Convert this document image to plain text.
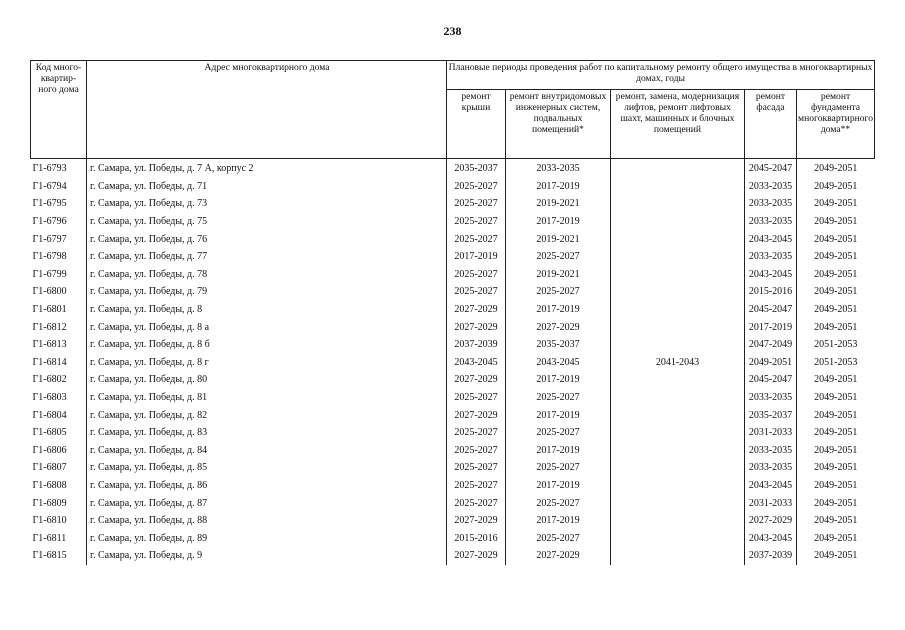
238
Код много-квартир-ного дома	Адрес многоквартирного дома	Плановые периоды проведения работ по капитальному ремонту общего имущества в многоквартирных домах, годы				
		ремонт крыши	ремонт внутридомовых инженерных систем, подвальных помещений*	ремонт, замена, модернизация лифтов, ремонт лифтовых шахт, машинных и блочных помещений	ремонт фасада	ремонт фундамента многоквартирного дома**
Г1-6793	г. Самара, ул. Победы, д. 7 А, корпус 2	2035-2037	2033-2035		2045-2047	2049-2051
Г1-6794	г. Самара, ул. Победы, д. 71	2025-2027	2017-2019		2033-2035	2049-2051
Г1-6795	г. Самара, ул. Победы, д. 73	2025-2027	2019-2021		2033-2035	2049-2051
Г1-6796	г. Самара, ул. Победы, д. 75	2025-2027	2017-2019		2033-2035	2049-2051
Г1-6797	г. Самара, ул. Победы, д. 76	2025-2027	2019-2021		2043-2045	2049-2051
Г1-6798	г. Самара, ул. Победы, д. 77	2017-2019	2025-2027		2033-2035	2049-2051
Г1-6799	г. Самара, ул. Победы, д. 78	2025-2027	2019-2021		2043-2045	2049-2051
Г1-6800	г. Самара, ул. Победы, д. 79	2025-2027	2025-2027		2015-2016	2049-2051
Г1-6801	г. Самара, ул. Победы, д. 8	2027-2029	2017-2019		2045-2047	2049-2051
Г1-6812	г. Самара, ул. Победы, д. 8 а	2027-2029	2027-2029		2017-2019	2049-2051
Г1-6813	г. Самара, ул. Победы, д. 8 б	2037-2039	2035-2037		2047-2049	2051-2053
Г1-6814	г. Самара, ул. Победы, д. 8 г	2043-2045	2043-2045	2041-2043	2049-2051	2051-2053
Г1-6802	г. Самара, ул. Победы, д. 80	2027-2029	2017-2019		2045-2047	2049-2051
Г1-6803	г. Самара, ул. Победы, д. 81	2025-2027	2025-2027		2033-2035	2049-2051
Г1-6804	г. Самара, ул. Победы, д. 82	2027-2029	2017-2019		2035-2037	2049-2051
Г1-6805	г. Самара, ул. Победы, д. 83	2025-2027	2025-2027		2031-2033	2049-2051
Г1-6806	г. Самара, ул. Победы, д. 84	2025-2027	2017-2019		2033-2035	2049-2051
Г1-6807	г. Самара, ул. Победы, д. 85	2025-2027	2025-2027		2033-2035	2049-2051
Г1-6808	г. Самара, ул. Победы, д. 86	2025-2027	2017-2019		2043-2045	2049-2051
Г1-6809	г. Самара, ул. Победы, д. 87	2025-2027	2025-2027		2031-2033	2049-2051
Г1-6810	г. Самара, ул. Победы, д. 88	2027-2029	2017-2019		2027-2029	2049-2051
Г1-6811	г. Самара, ул. Победы, д. 89	2015-2016	2025-2027		2043-2045	2049-2051
Г1-6815	г. Самара, ул. Победы, д. 9	2027-2029	2027-2029		2037-2039	2049-2051
